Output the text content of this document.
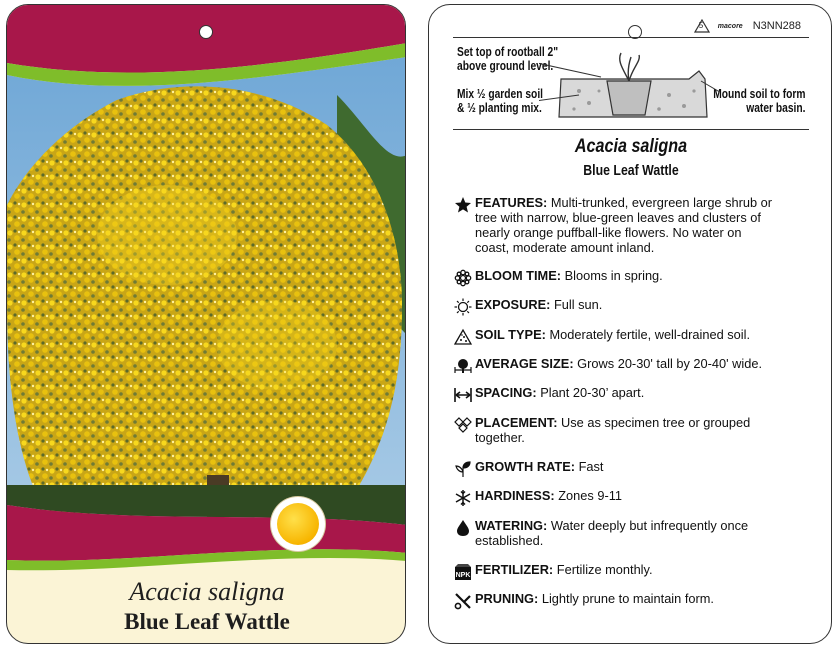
Acacia saligna
Blue Leaf Wattle
5 macore N3NN288
Set top of rootball 2"
above ground level.
Mix ½ garden soil
& ½ planting mix.
Mound soil to form
water basin.
Acacia saligna
Blue Leaf Wattle
FEATURES: Multi-trunked, evergreen large shrub or
tree with narrow, blue-green leaves and clusters of
nearly orange puffball-like flowers. No water on
coast, moderate amount inland.
BLOOM TIME: Blooms in spring.
EXPOSURE: Full sun.
SOIL TYPE: Moderately fertile, well-drained soil.
AVERAGE SIZE: Grows 20-30' tall by 20-40' wide.
SPACING: Plant 20-30’ apart.
PLACEMENT: Use as specimen tree or grouped
together.
GROWTH RATE: Fast
HARDINESS: Zones 9-11
WATERING: Water deeply but infrequently once
established.
NPK FERTILIZER: Fertilize monthly.
PRUNING: Lightly prune to maintain form.
